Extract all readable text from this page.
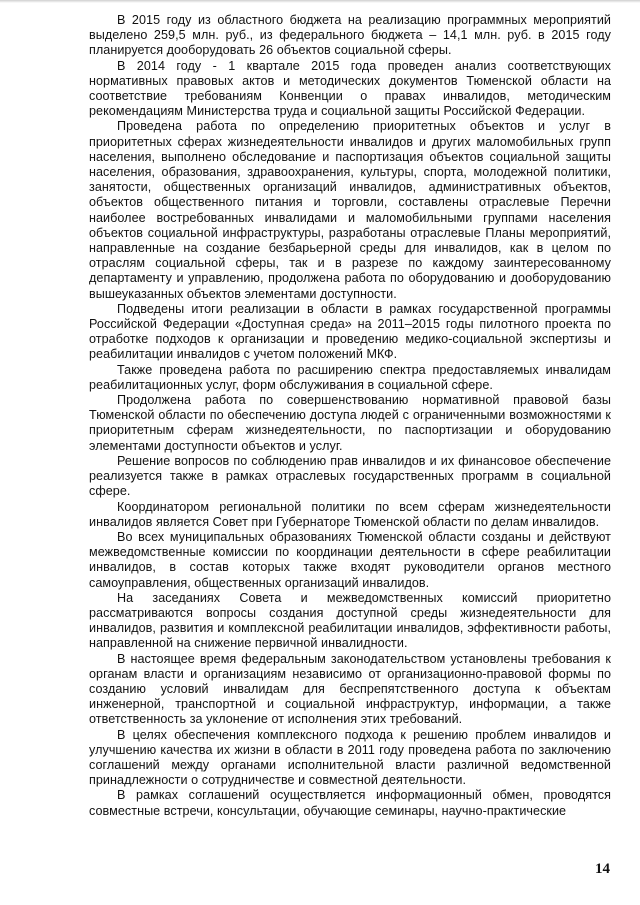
В 2015 году из областного бюджета на реализацию программных мероприятий выделено 259,5 млн. руб., из федерального бюджета – 14,1 млн. руб. в 2015 году планируется дооборудовать 26 объектов социальной сферы.

В 2014 году - 1 квартале 2015 года проведен анализ соответствующих нормативных правовых актов и методических документов Тюменской области на соответствие требованиям Конвенции о правах инвалидов, методическим рекомендациям Министерства труда и социальной защиты Российской Федерации.

Проведена работа по определению приоритетных объектов и услуг в приоритетных сферах жизнедеятельности инвалидов и других маломобильных групп населения, выполнено обследование и паспортизация объектов социальной защиты населения, образования, здравоохранения, культуры, спорта, молодежной политики, занятости, общественных организаций инвалидов, административных объектов, объектов общественного питания и торговли, составлены отраслевые Перечни наиболее востребованных инвалидами и маломобильными группами населения объектов социальной инфраструктуры, разработаны отраслевые Планы мероприятий, направленные на создание безбарьерной среды для инвалидов, как в целом по отраслям социальной сферы, так и в разрезе по каждому заинтересованному департаменту и управлению, продолжена работа по оборудованию и дооборудованию вышеуказанных объектов элементами доступности.

Подведены итоги реализации в области в рамках государственной программы Российской Федерации «Доступная среда» на 2011–2015 годы пилотного проекта по отработке подходов к организации и проведению медико-социальной экспертизы и реабилитации инвалидов с учетом положений МКФ.

Также проведена работа по расширению спектра предоставляемых инвалидам реабилитационных услуг, форм обслуживания в социальной сфере.

Продолжена работа по совершенствованию нормативной правовой базы Тюменской области по обеспечению доступа людей с ограниченными возможностями к приоритетным сферам жизнедеятельности, по паспортизации и оборудованию элементами доступности объектов и услуг.

Решение вопросов по соблюдению прав инвалидов и их финансовое обеспечение реализуется также в рамках отраслевых государственных программ в социальной сфере.

Координатором региональной политики по всем сферам жизнедеятельности инвалидов является Совет при Губернаторе Тюменской области по делам инвалидов.

Во всех муниципальных образованиях Тюменской области созданы и действуют межведомственные комиссии по координации деятельности в сфере реабилитации инвалидов, в состав которых также входят руководители органов местного самоуправления, общественных организаций инвалидов.

На заседаниях Совета и межведомственных комиссий приоритетно рассматриваются вопросы создания доступной среды жизнедеятельности для инвалидов, развития и комплексной реабилитации инвалидов, эффективности работы, направленной на снижение первичной инвалидности.

В настоящее время федеральным законодательством установлены требования к органам власти и организациям независимо от организационно-правовой формы по созданию условий инвалидам для беспрепятственного доступа к объектам инженерной, транспортной и социальной инфраструктур, информации, а также ответственность за уклонение от исполнения этих требований.

В целях обеспечения комплексного подхода к решению проблем инвалидов и улучшению качества их жизни в области в 2011 году проведена работа по заключению соглашений между органами исполнительной власти различной ведомственной принадлежности о сотрудничестве и совместной деятельности.

В рамках соглашений осуществляется информационный обмен, проводятся совместные встречи, консультации, обучающие семинары, научно-практические

14
